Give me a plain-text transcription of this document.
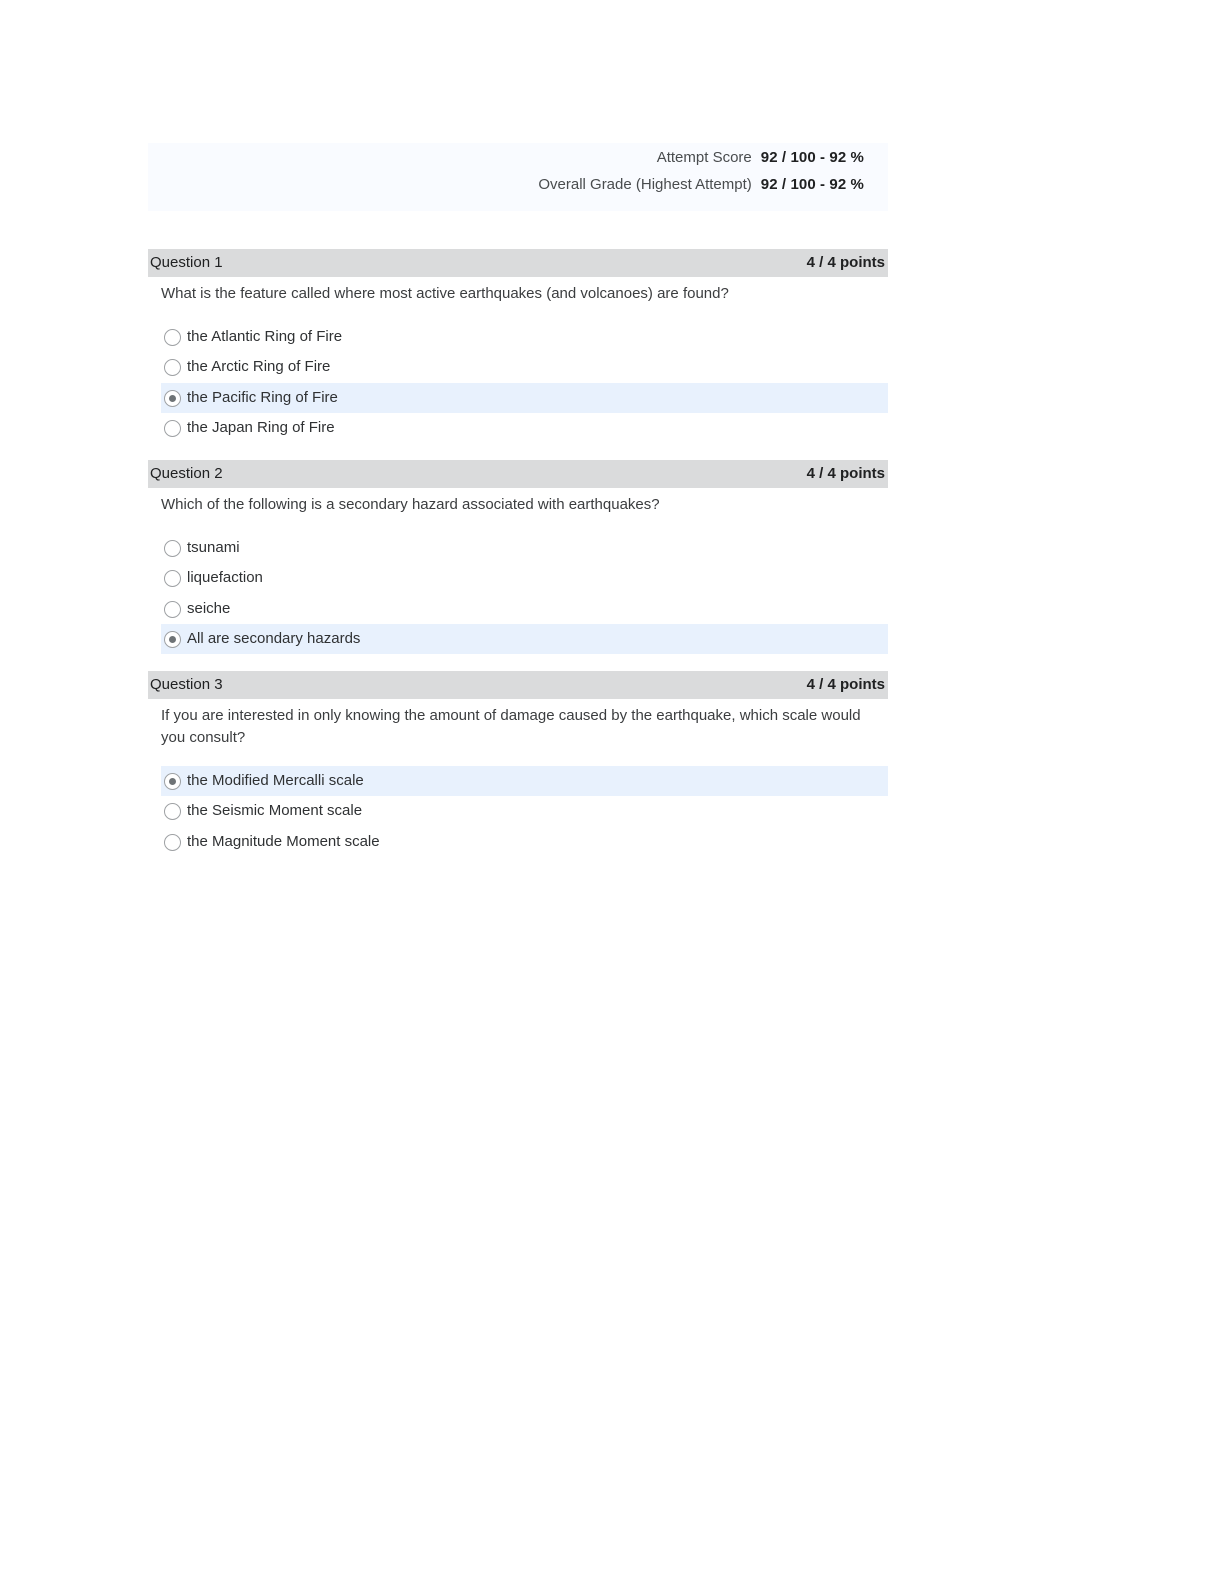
Attempt Score 92 / 100 - 92 %
Overall Grade (Highest Attempt) 92 / 100 - 92 %
Question 1	4 / 4 points
What is the feature called where most active earthquakes (and volcanoes) are found?
the Atlantic Ring of Fire
the Arctic Ring of Fire
the Pacific Ring of Fire
the Japan Ring of Fire
Question 2	4 / 4 points
Which of the following is a secondary hazard associated with earthquakes?
tsunami
liquefaction
seiche
All are secondary hazards
Question 3	4 / 4 points
If you are interested in only knowing the amount of damage caused by the earthquake, which scale would you consult?
the Modified Mercalli scale
the Seismic Moment scale
the Magnitude Moment scale
